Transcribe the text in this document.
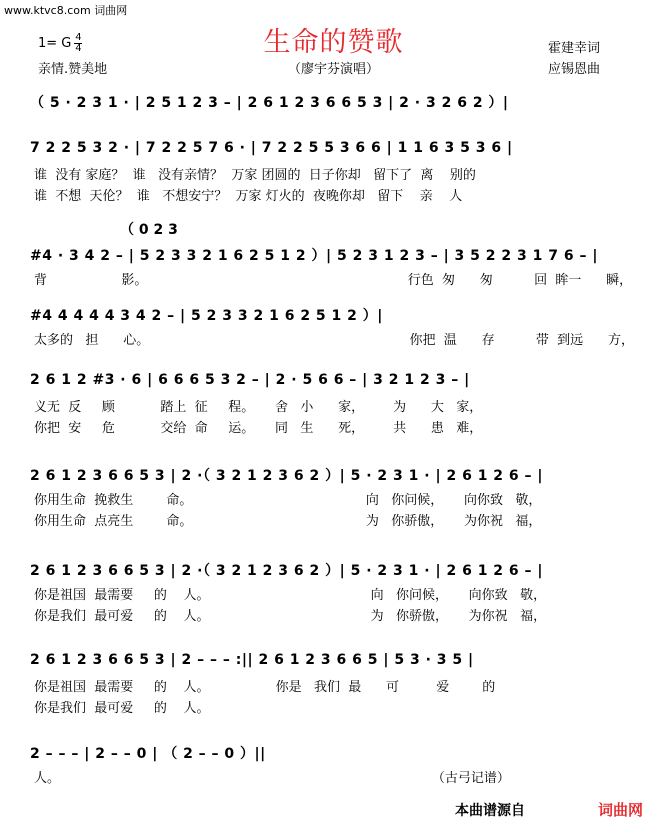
www.ktvc8.com 词曲网
生命的赞歌
1= G $\frac{4}{4}$
亲情.赞美地	（廖宇芬演唱）
霍建幸词
应锡恩曲
（ 5 · 2 3 1 · | 2 5 1 2 3 – | 2 6 1 2 3 6 6 5 3 | 2 · 3 2 6 2 ）|
7 2 2 5 3 2 · | 7 2 2 5 7 6 · | 7 2 2 5 5 3 6 6 | 1 1 6 3 5 3 6 |
谁  没有 家庭？  谁   没有亲情？  万家 团圆的  日子你却   留下了  离    别的
谁  不想  天伦？  谁   不想安宁？  万家 灯火的  夜晚你却   留下    亲    人
#4 · 3 4 2 – | 5 2 3 3 2 1 6 2 5 1 2 ）| 5 2 3 1 2 3 – | 3 5 2 2 3 1 7 6 – |
（ 0 2 3
背                  影。                                                               行色  匆      匆          回  眸一      瞬，
#4 4 4 4 4 3 4 2 – | 5 2 3 3 2 1 6 2 5 1 2 ）|
太多的   担      心。                                                               你把  温      存          带  到远      方，
2 6 1 2 #3 · 6 | 6 6 6 5 3 2 – | 2 · 5 6 6 – | 3 2 1 2 3 – |
义无  反     顾           踏上  征     程。     舍   小      家，       为      大   家，
你把  安     危           交给  命     运。     同   生      死，       共      患   难，
2 6 1 2 3 6 6 5 3 | 2 ·（ 3 2 1 2 3 6 2 ）| 5 · 2 3 1 · | 2 6 1 2 6 – |
你用生命  挽救生        命。                                          向   你问候，     向你致   敬，
你用生命  点亮生        命。                                          为   你骄傲，     为你祝   福，
2 6 1 2 3 6 6 5 3 | 2 ·（ 3 2 1 2 3 6 2 ）| 5 · 2 3 1 · | 2 6 1 2 6 – |
你是祖国  最需要     的    人。                                       向   你问候，     向你致   敬，
你是我们  最可爱     的    人。                                       为   你骄傲，     为你祝   福，
2 6 1 2 3 6 6 5 3 | 2 – – – :|| 2 6 1 2 3 6 6 5 | 5 3 · 3 5 |
你是祖国  最需要     的    人。                你是   我们  最      可         爱        的
你是我们  最可爱     的    人。
2 – – – | 2 – – 0 | （ 2 – – 0 ）||
人。                                                                                          （古弓记谱）
本曲谱源自	词曲网
